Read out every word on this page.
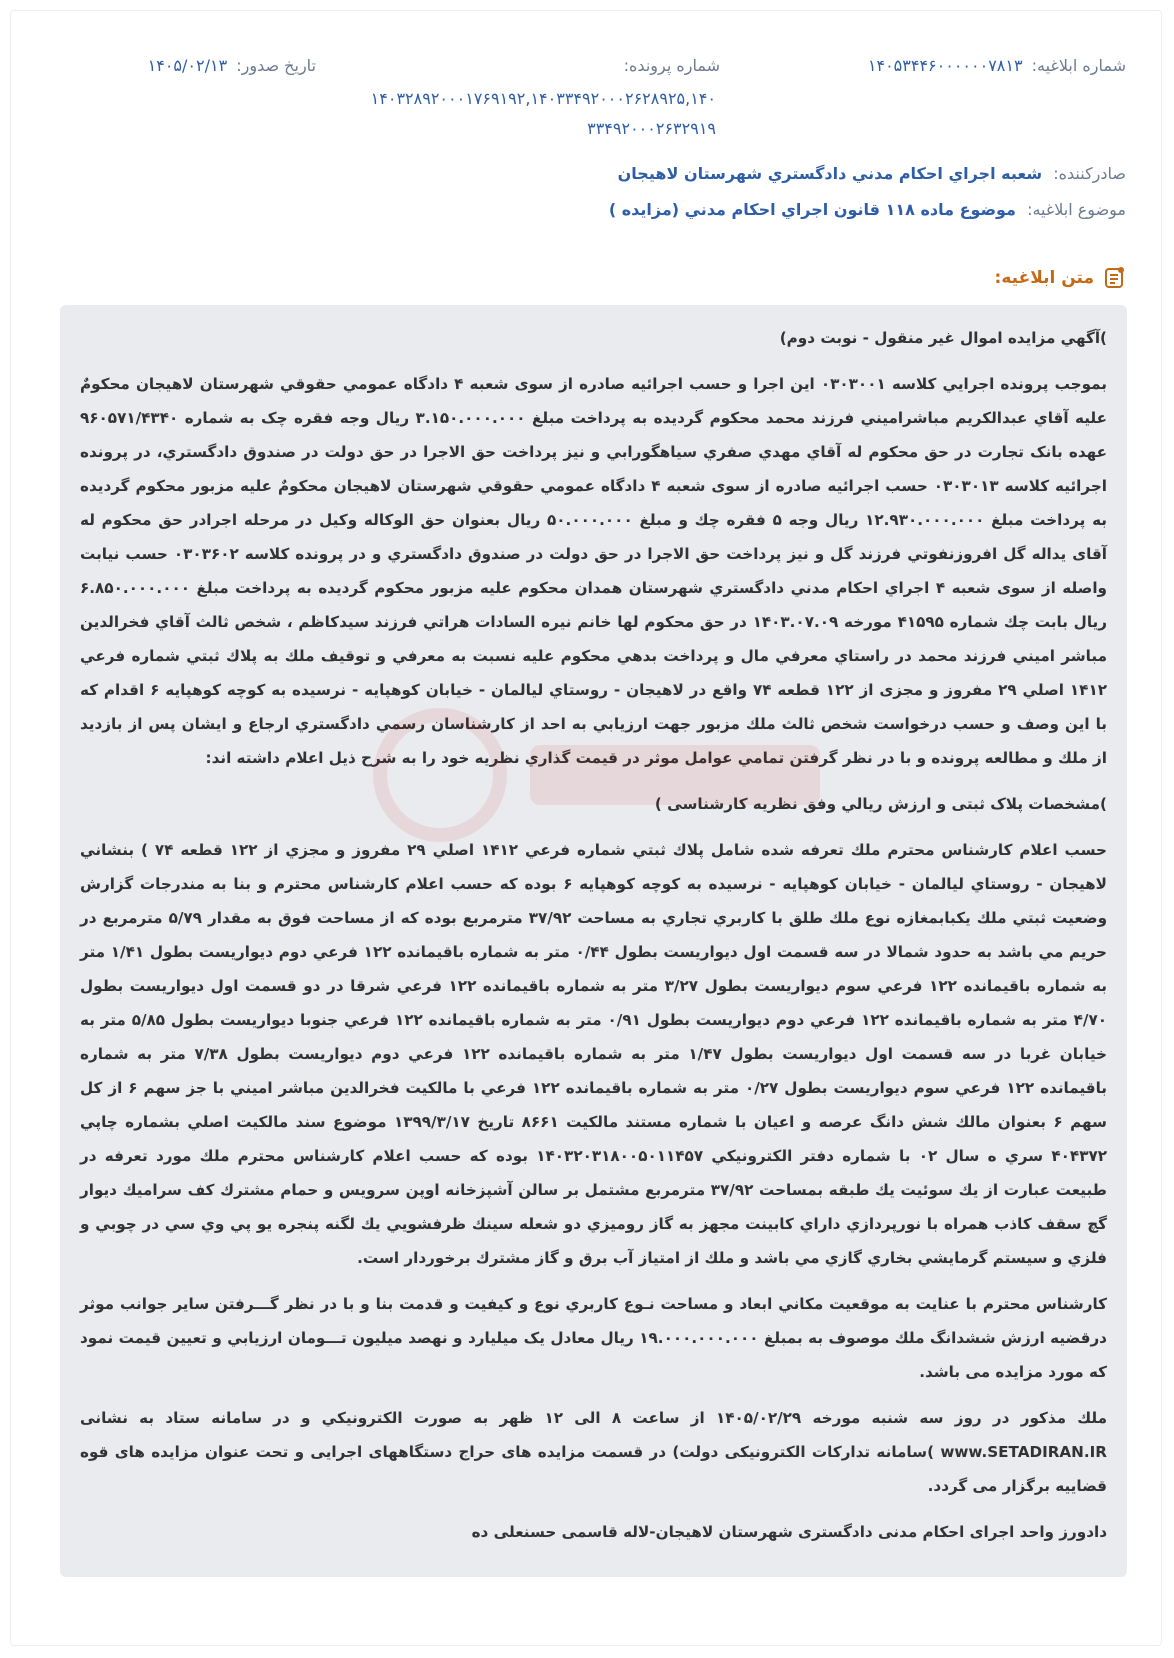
شماره ابلاغيه: ۱۴۰۵۳۴۴۶۰۰۰۰۰۰۷۸۱۳
شماره پرونده:
۱۴۰۳۲۸۹۲۰۰۰۱۷۶۹۱۹۲,۱۴۰۳۳۴۹۲۰۰۰۲۶۲۸۹۲۵,۱۴۰
۳۳۴۹۲۰۰۰۲۶۳۲۹۱۹
تاريخ صدور: ۱۴۰۵/۰۲/۱۳
صادرکننده: شعبه اجراي احكام مدني دادگستري شهرستان لاهيجان
موضوع ابلاغيه: موضوع ماده ۱۱۸ قانون اجراي احكام مدني (مزايده )
متن ابلاغيه:

)آگهي مزايده اموال غير منقول - نوبت دوم)

بموجب پرونده اجرايي كلاسه ۰۳۰۳۰۰۱ اين اجرا و حسب اجرائيه صادره از سوی شعبه ۴ دادگاه عمومي حقوقي شهرستان لاهيجان محکومٌ عليه آقاي عبدالكريم مباشراميني فرزند محمد محكوم گرديده به پرداخت مبلغ ۳.۱۵۰.۰۰۰.۰۰۰ ريال وجه فقره چک به شماره ۹۶۰۵۷۱/۴۳۴۰ عهده بانک تجارت در حق محکوم له آقاي مهدي صفري سياهگورابي و نيز پرداخت حق الاجرا در حق دولت در صندوق دادگستري، در پرونده اجرائيه كلاسه ۰۳۰۳۰۱۳ حسب اجرائيه صادره از سوی شعبه ۴ دادگاه عمومي حقوقي شهرستان لاهيجان محکومٌ عليه مزبور محكوم گرديده به پرداخت مبلغ ۱۲.۹۳۰.۰۰۰.۰۰۰ ريال وجه ۵ فقره چك و مبلغ ۵۰.۰۰۰.۰۰۰ ريال بعنوان حق الوكاله وكيل در مرحله اجرادر حق محكوم له آقای يداله گل افروزنفوتي فرزند گل و نيز پرداخت حق الاجرا در حق دولت در صندوق دادگستري و در پرونده كلاسه ۰۳۰۳۶۰۲ حسب نيابت واصله از سوی شعبه ۴ اجراي احكام مدني دادگستري شهرستان همدان محكوم عليه مزبور محكوم گرديده به پرداخت مبلغ ۶.۸۵۰.۰۰۰.۰۰۰ ريال بابت چك شماره ۴۱۵۹۵ مورخه ۱۴۰۳.۰۷.۰۹ در حق محكوم لها خانم نيره السادات هراتي فرزند سيدكاظم ، شخص ثالث آقاي فخرالدين مباشر اميني فرزند محمد در راستاي معرفي مال و پرداخت بدهي محكوم عليه نسبت به معرفي و توقيف ملك به پلاك ثبتي شماره فرعي ۱۴۱۲ اصلي ۲۹ مفروز و مجزی از ۱۲۲ قطعه ۷۴ واقع در لاهيجان - روستاي ليالمان - خيابان كوهپايه - نرسيده به كوچه كوهپايه ۶ اقدام كه با اين وصف و حسب درخواست شخص ثالث ملك مزبور جهت ارزيابي به احد از كارشناسان رسمي دادگستري ارجاع و ايشان پس از بازديد از ملك و مطالعه پرونده و با در نظر گرفتن تمامي عوامل موثر در قيمت گذاري نظريه خود را به شرح ذيل اعلام داشته اند:

)مشخصات پلاک ثبتی و ارزش ريالي وفق نظريه كارشناسی )

حسب اعلام كارشناس محترم ملك تعرفه شده شامل پلاك ثبتي شماره فرعي ۱۴۱۲ اصلي ۲۹ مفروز و مجزي از ۱۲۲ قطعه ۷۴ ) بنشاني لاهيجان - روستاي ليالمان - خيابان كوهپايه - نرسيده به كوچه كوهپايه ۶ بوده كه حسب اعلام كارشناس محترم و بنا به مندرجات گزارش وضعيت ثبتي ملك يكبابمغازه نوع ملك طلق با كاربري تجاري به مساحت ۳۷/۹۲ مترمربع بوده كه از مساحت فوق به مقدار ۵/۷۹ مترمربع در حريم مي باشد به حدود شمالا در سه قسمت اول ديواريست بطول ۰/۴۴ متر به شماره باقيمانده ۱۲۲ فرعي دوم ديواريست بطول ۱/۴۱ متر به شماره باقيمانده ۱۲۲ فرعي سوم ديواريست بطول ۳/۲۷ متر به شماره باقيمانده ۱۲۲ فرعي شرقا در دو قسمت اول ديواريست بطول ۴/۷۰ متر به شماره باقيمانده ۱۲۲ فرعي دوم ديواريست بطول ۰/۹۱ متر به شماره باقيمانده ۱۲۲ فرعي جنوبا ديواريست بطول ۵/۸۵ متر به خيابان غربا در سه قسمت اول ديواريست بطول ۱/۴۷ متر به شماره باقيمانده ۱۲۲ فرعي دوم ديواريست بطول ۷/۳۸ متر به شماره باقيمانده ۱۲۲ فرعي سوم ديواريست بطول ۰/۲۷ متر به شماره باقيمانده ۱۲۲ فرعي با مالكيت فخرالدين مباشر اميني با جز سهم ۶ از كل سهم ۶ بعنوان مالك شش دانگ عرصه و اعيان با شماره مستند مالكيت ۸۶۶۱ تاريخ ۱۳۹۹/۳/۱۷ موضوع سند مالكيت اصلي بشماره چاپي ۴۰۴۳۷۲ سري ه سال ۰۲ با شماره دفتر الكترونيكي ۱۴۰۳۲۰۳۱۸۰۰۵۰۱۱۴۵۷ بوده كه حسب اعلام كارشناس محترم ملك مورد تعرفه در طبيعت عبارت از يك سوئيت يك طبقه بمساحت ۳۷/۹۲ مترمربع مشتمل بر سالن آشپزخانه اوپن سرويس و حمام مشترك كف سراميك ديوار گچ سقف كاذب همراه با نورپردازي داراي كابينت مجهز به گاز روميزي دو شعله سينك ظرفشويي يك لگنه پنجره يو پي وي سي در چوبي و فلزي و سيستم گرمايشي بخاري گازي مي باشد و ملك از امتياز آب برق و گاز مشترك برخوردار است.

كارشناس محترم با عنايت به موقعيت مكاني ابعاد و مساحت نـوع كاربري نوع و كيفيت و قدمت بنا و با در نظر گـــرفتن ساير جوانب موثر درقضيه ارزش ششدانگ ملك موصوف به بمبلغ ۱۹.۰۰۰.۰۰۰.۰۰۰ ريال معادل يک ميليارد و نهصد ميليون تـــومان ارزيابي و تعيين قيمت نمود كه مورد مزايده می باشد.

ملك مذكور در روز سه شنبه مورخه ۱۴۰۵/۰۲/۲۹ از ساعت ۸ الی ۱۲ ظهر به صورت الكترونيكي و در سامانه ستاد به نشانی www.SETADIRAN.IR )سامانه تداركات الكترونيكی دولت) در قسمت مزايده های حراج دستگاههای اجرايی و تحت عنوان مزايده های قوه قضاييه برگزار می گردد.

دادورز واحد اجرای احكام مدنی دادگستری شهرستان لاهيجان-لاله قاسمی حسنعلی ده
